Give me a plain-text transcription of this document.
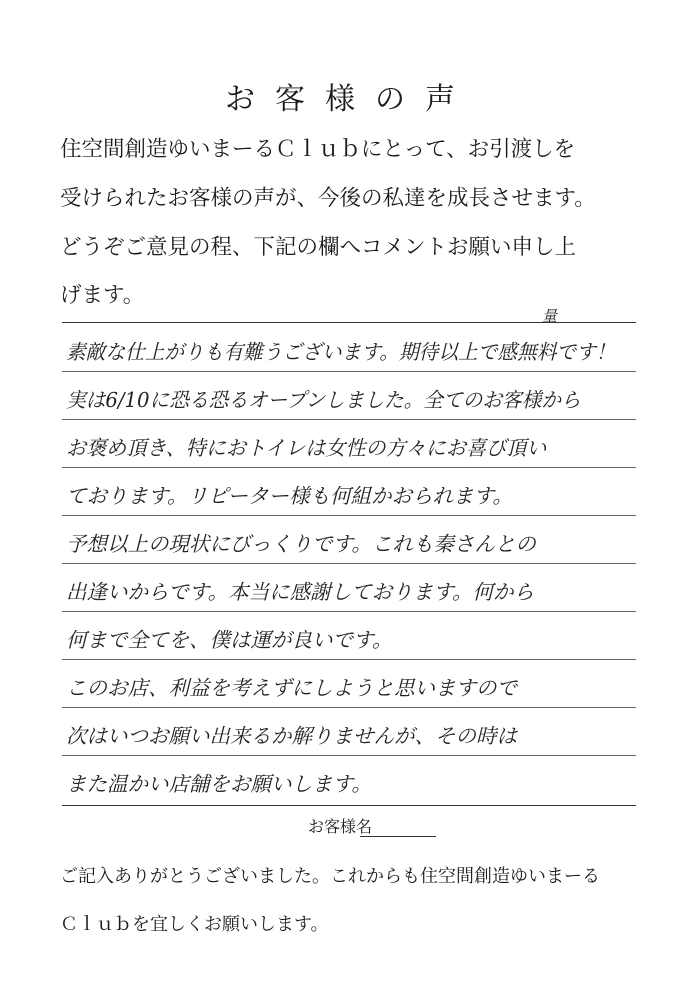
お客様の声
住空間創造ゆいまーるＣｌｕｂにとって、お引渡しを
受けられたお客様の声が、今後の私達を成長させます。
どうぞご意見の程、下記の欄へコメントお願い申し上
げます。
量
素敵な仕上がりも有難うございます。期待以上で感無料です！
実は6/10に恐る恐るオープンしました。全てのお客様から
お褒め頂き、特におトイレは女性の方々にお喜び頂い
ております。リピーター様も何組かおられます。
予想以上の現状にびっくりです。これも秦さんとの
出逢いからです。本当に感謝しております。何から
何まで全てを、僕は運が良いです。
このお店、利益を考えずにしようと思いますので
次はいつお願い出来るか解りませんが、その時は
また温かい店舗をお願いします。
お客様名
ご記入ありがとうございました。これからも住空間創造ゆいまーる
Ｃｌｕｂを宜しくお願いします。
